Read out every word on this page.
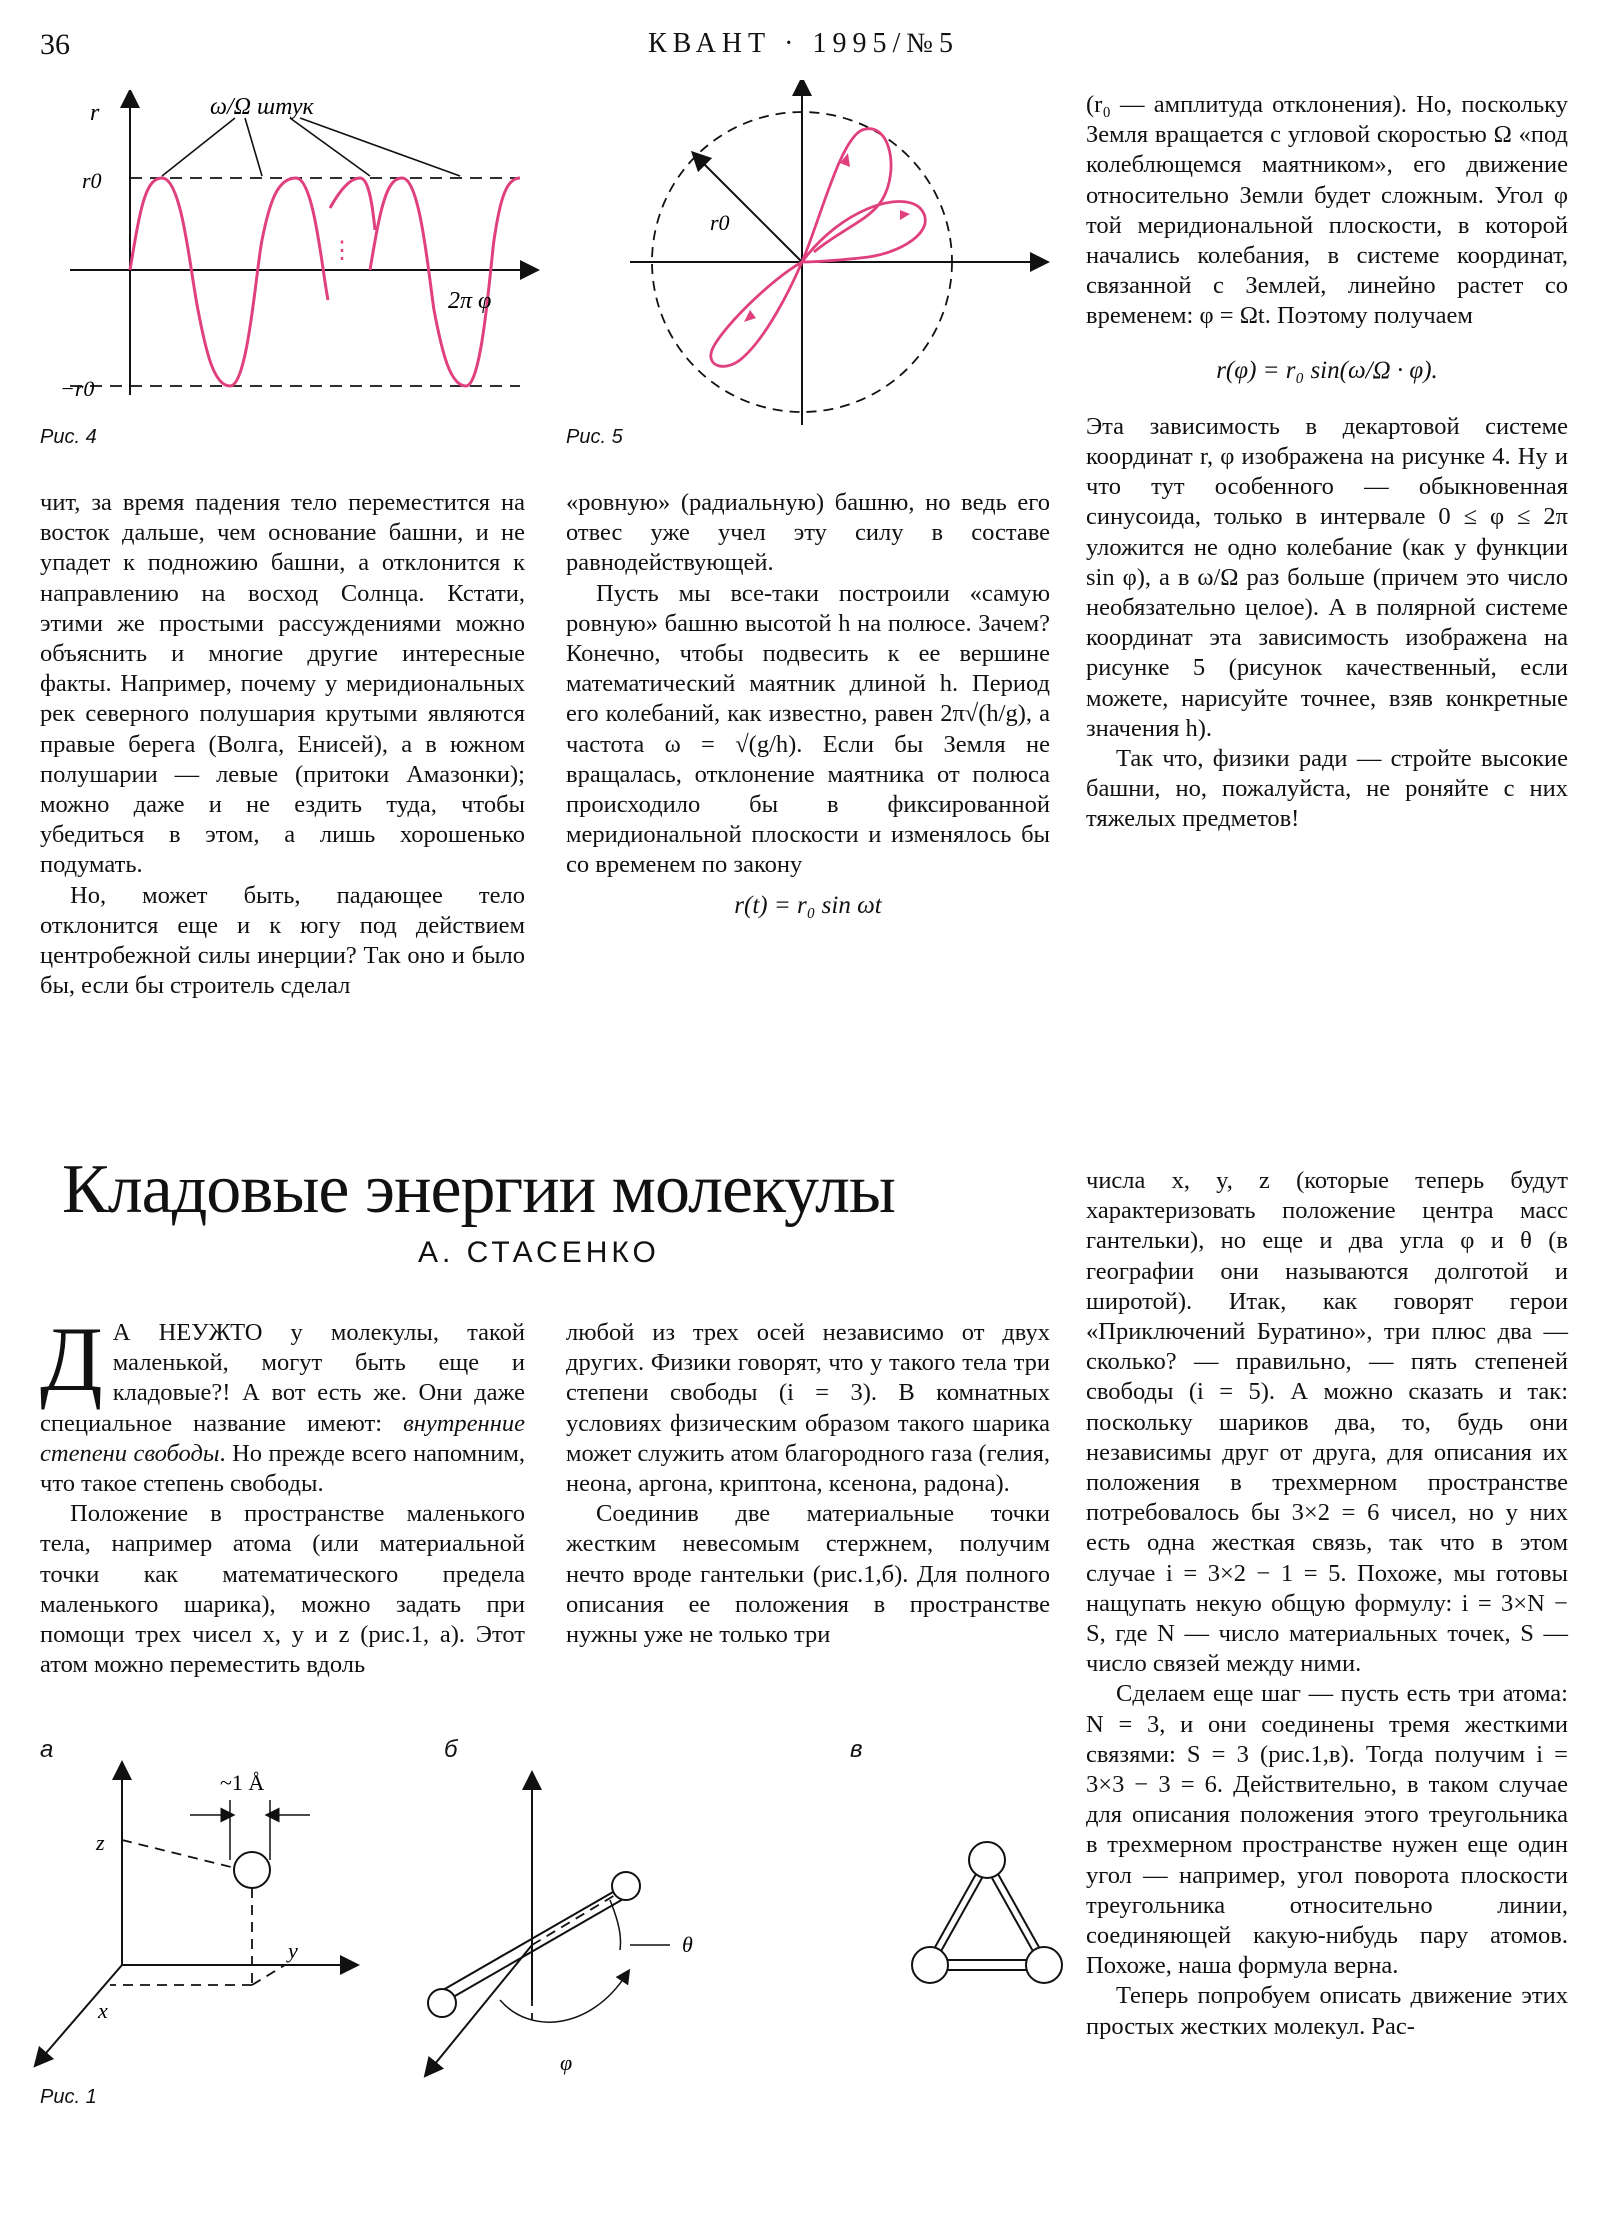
36	КВАНТ · 1995/№5
⋮
ω/Ω штук
r
r0
−r0
2π φ
Рис. 4
r0
Рис. 5

чит, за время падения тело переместится на восток дальше, чем основание башни, и не упадет к подножию башни, а отклонится к направлению на восход Солнца. Кстати, этими же простыми рассуждениями можно объяснить и многие другие интересные факты. Например, почему у меридиональных рек северного полушария крутыми являются правые берега (Волга, Енисей), а в южном полушарии — левые (притоки Амазонки); можно даже и не ездить туда, чтобы убедиться в этом, а лишь хорошенько подумать.

Но, может быть, падающее тело отклонится еще и к югу под действием центробежной силы инерции? Так оно и было бы, если бы строитель сделал

«ровную» (радиальную) башню, но ведь его отвес уже учел эту силу в составе равнодействующей.

Пусть мы все-таки построили «самую ровную» башню высотой h на полюсе. Зачем? Конечно, чтобы подвесить к ее вершине математический маятник длиной h. Период его колебаний, как известно, равен 2π√(h/g), а частота ω = √(g/h). Если бы Земля не вращалась, отклонение маятника от полюса происходило бы в фиксированной меридиональной плоскости и изменялось бы со временем по закону

r(t) = r₀ sin ωt

(r₀ — амплитуда отклонения). Но, поскольку Земля вращается с угловой скоростью Ω «под колеблющемся маятником», его движение относительно Земли будет сложным. Угол φ той меридиональной плоскости, в которой начались колебания, в системе координат, связанной с Землей, линейно растет со временем: φ = Ωt. Поэтому получаем

r(φ) = r₀ sin(ω/Ω · φ).

Эта зависимость в декартовой системе координат r, φ изображена на рисунке 4. Ну и что тут особенного — обыкновенная синусоида, только в интервале 0 ≤ φ ≤ 2π уложится не одно колебание (как у функции sin φ), а в ω/Ω раз больше (причем это число необязательно целое). А в полярной системе координат эта зависимость изображена на рисунке 5 (рисунок качественный, если можете, нарисуйте точнее, взяв конкретные значения h).

Так что, физики ради — стройте высокие башни, но, пожалуйста, не роняйте с них тяжелых предметов!

Кладовые энергии молекулы
А. СТАСЕНКО

Д А НЕУЖТО у молекулы, такой маленькой, могут быть еще и кладовые?! А вот есть же. Они даже специальное название имеют: внутренние степени свободы. Но прежде всего напомним, что такое степень свободы.

Положение в пространстве маленького тела, например атома (или материальной точки как математического предела маленького шарика), можно задать при помощи трех чисел x, y и z (рис.1, а). Этот атом можно переместить вдоль

любой из трех осей независимо от двух других. Физики говорят, что у такого тела три степени свободы (i = 3). В комнатных условиях физическим образом такого шарика может служить атом благородного газа (гелия, неона, аргона, криптона, ксенона, радона).

Соединив две материальные точки жестким невесомым стержнем, получим нечто вроде гантельки (рис.1,б). Для полного описания ее положения в пространстве нужны уже не только три

числа x, y, z (которые теперь будут характеризовать положение центра масс гантельки), но еще и два угла φ и θ (в географии они называются долготой и широтой). Итак, как говорят герои «Приключений Буратино», три плюс два — сколько? — правильно, — пять степеней свободы (i = 5). А можно сказать и так: поскольку шариков два, то, будь они независимы друг от друга, для описания их положения в трехмерном пространстве потребовалось бы 3×2 = 6 чисел, но у них есть одна жесткая связь, так что в этом случае i = 3×2 − 1 = 5. Похоже, мы готовы нащупать некую общую формулу: i = 3×N − S, где N — число материальных точек, S — число связей между ними.

Сделаем еще шаг — пусть есть три атома: N = 3, и они соединены тремя жесткими связями: S = 3 (рис.1,в). Тогда получим i = 3×3 − 3 = 6. Действительно, в таком случае для описания положения этого треугольника в трехмерном пространстве нужен еще один угол — например, угол поворота плоскости треугольника относительно линии, соединяющей какую-нибудь пару атомов. Похоже, наша формула верна.

Теперь попробуем описать движение этих простых жестких молекул. Рас-

а	б	в
~1 Å
z
y
x
θ
φ
Рис. 1
